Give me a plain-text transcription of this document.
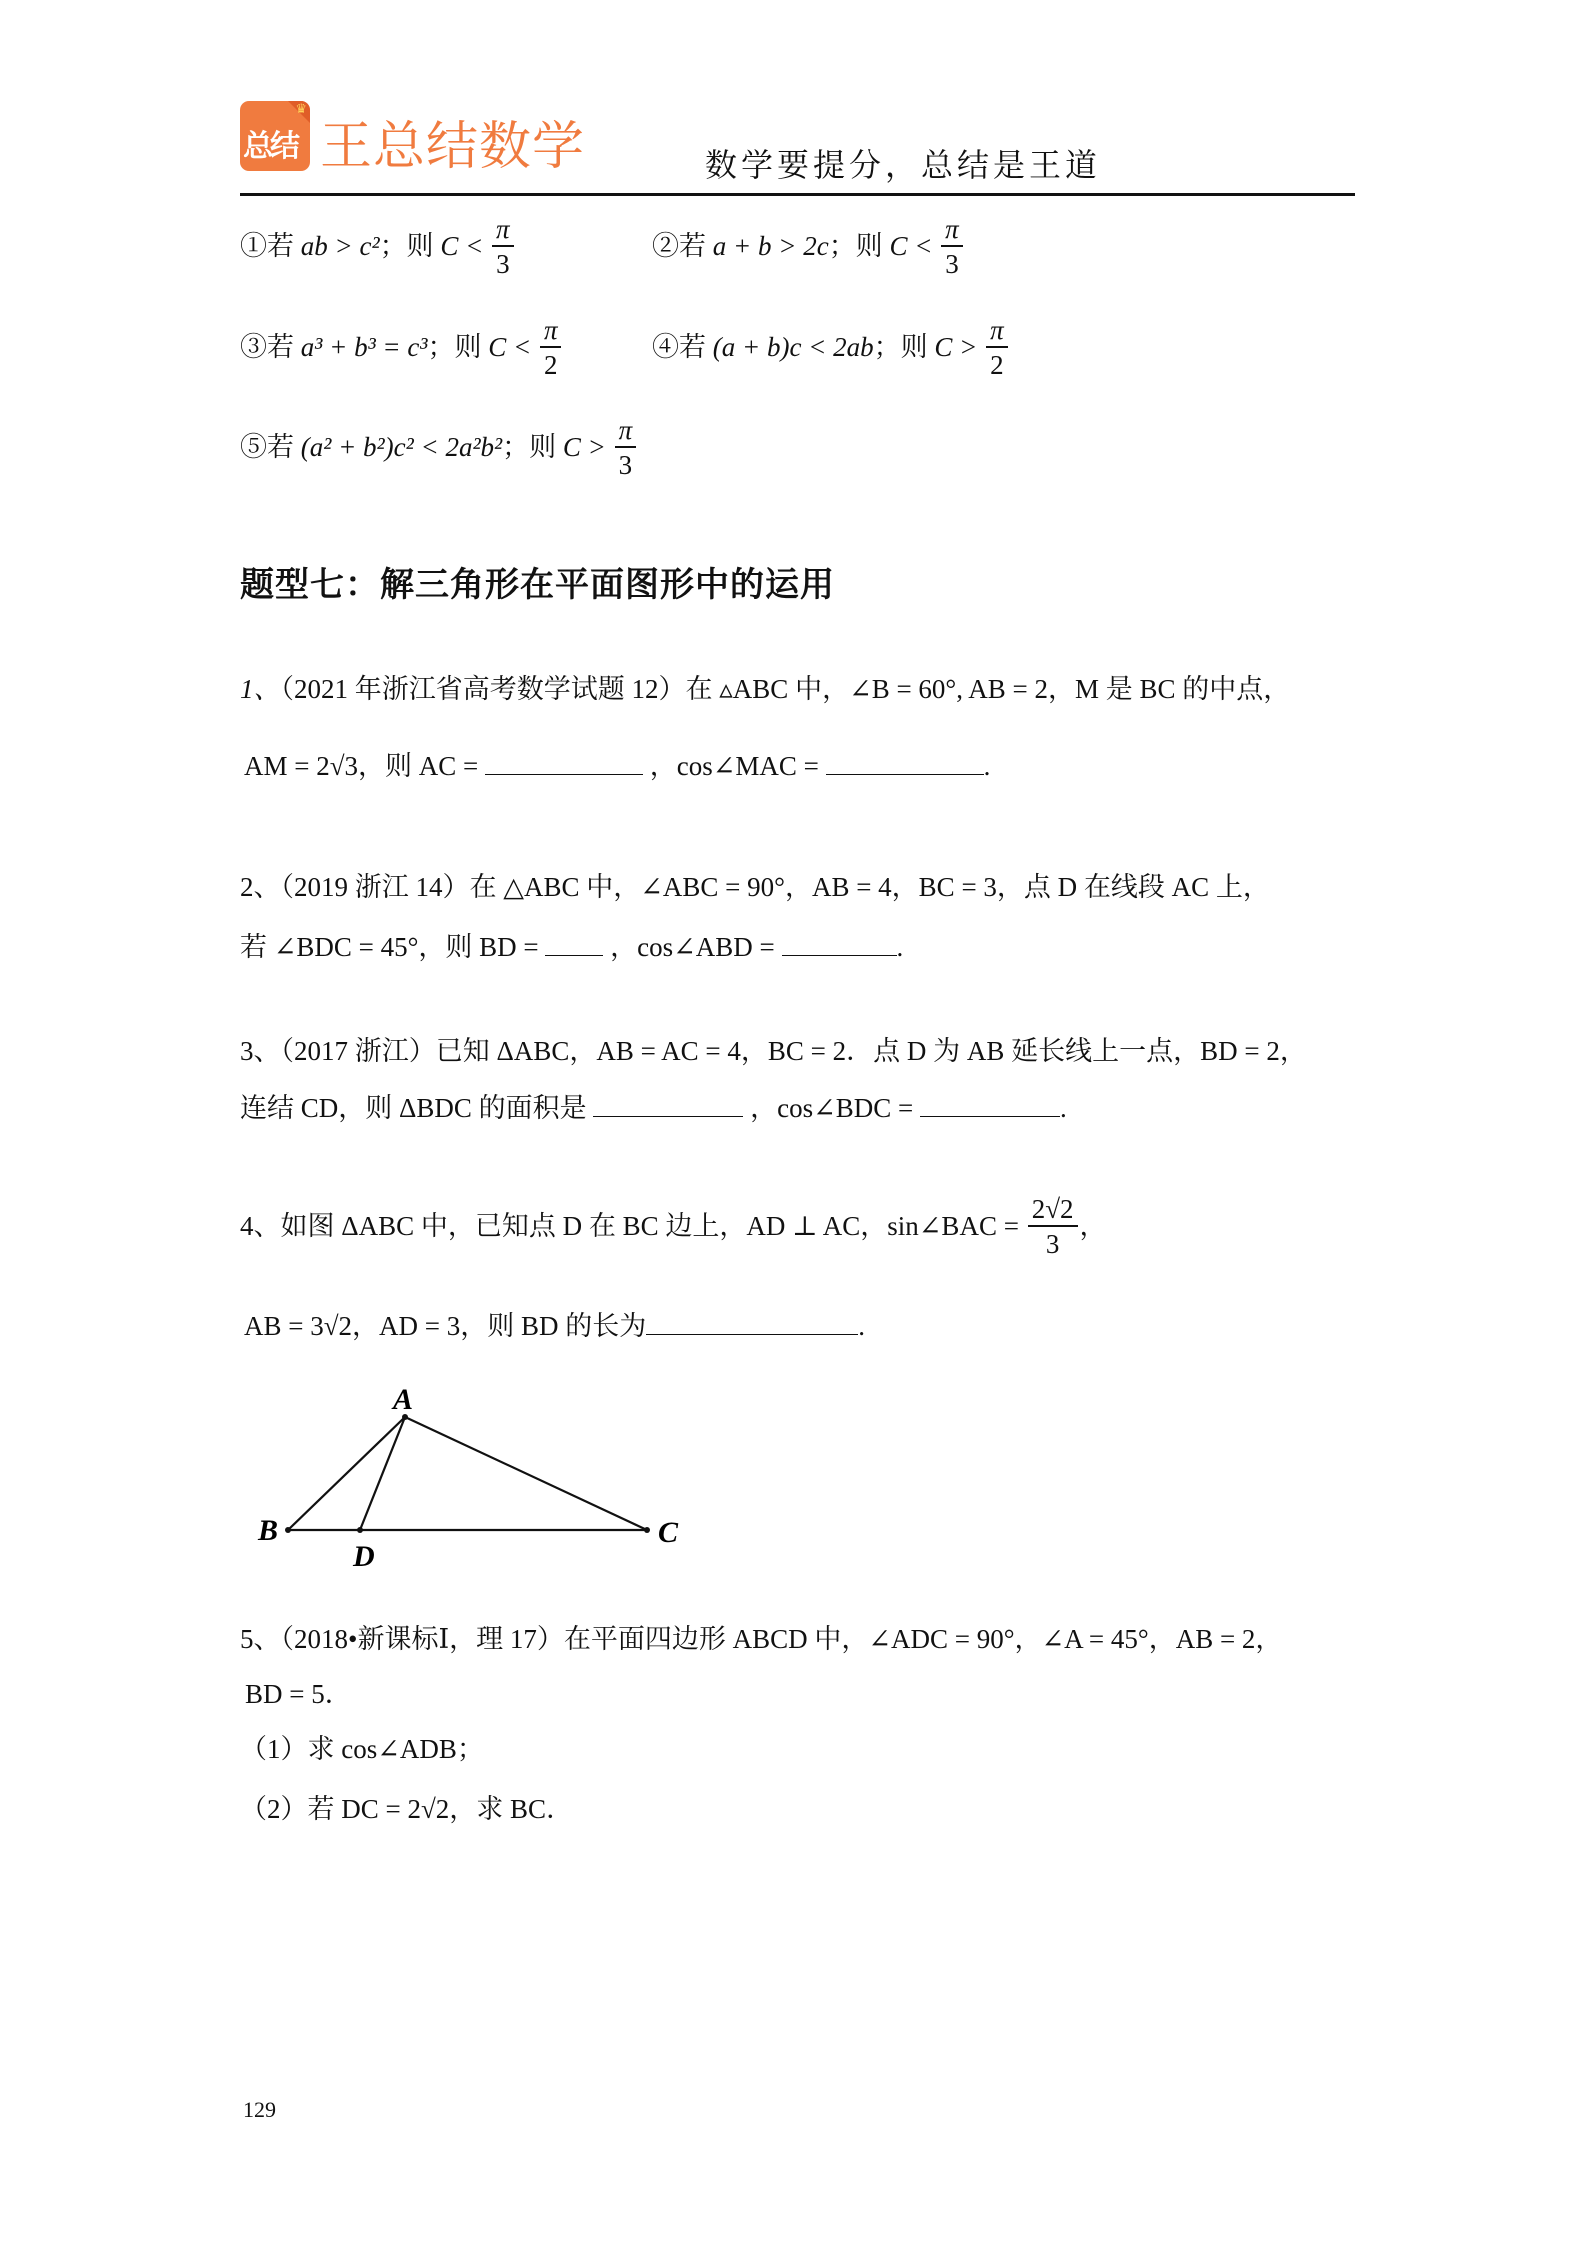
♛
总结 王总结数学	数学要提分，总结是王道
①若 ab > c²；则 $C < \frac{\pi}{3}$	②若 a + b > 2c；则 $C < \frac{\pi}{3}$
③若 a³ + b³ = c³；则 $C < \frac{\pi}{2}$	④若 (a + b)c < 2ab；则 $C > \frac{\pi}{2}$
⑤若 (a² + b²)c² < 2a²b²；则 $C > \frac{\pi}{3}$
题型七：解三角形在平面图形中的运用
1、（2021 年浙江省高考数学试题 12）在 ▵ABC 中，∠B = 60°, AB = 2，M 是 BC 的中点，
AM = 2√3，则 AC =	，cos∠MAC =	.
2、（2019 浙江 14）在 △ABC 中，∠ABC = 90°，AB = 4，BC = 3，点 D 在线段 AC 上，
若 ∠BDC = 45°，则 BD =	，cos∠ABD =	.
3、（2017 浙江）已知 ΔABC，AB = AC = 4，BC = 2．点 D 为 AB 延长线上一点，BD = 2，
连结 CD，则 ΔBDC 的面积是	，cos∠BDC =	.
4、如图 ΔABC 中，已知点 D 在 BC 边上，AD ⊥ AC，sin∠BAC = $\frac{2√2}{3}$ ，
AB = 3√2，AD = 3，则 BD 的长为	.
A
B
D
C
5、（2018•新课标Ⅰ，理 17）在平面四边形 ABCD 中，∠ADC = 90°，∠A = 45°，AB = 2，
BD = 5．
（1）求 cos∠ADB；
（2）若 DC = 2√2，求 BC．
129
